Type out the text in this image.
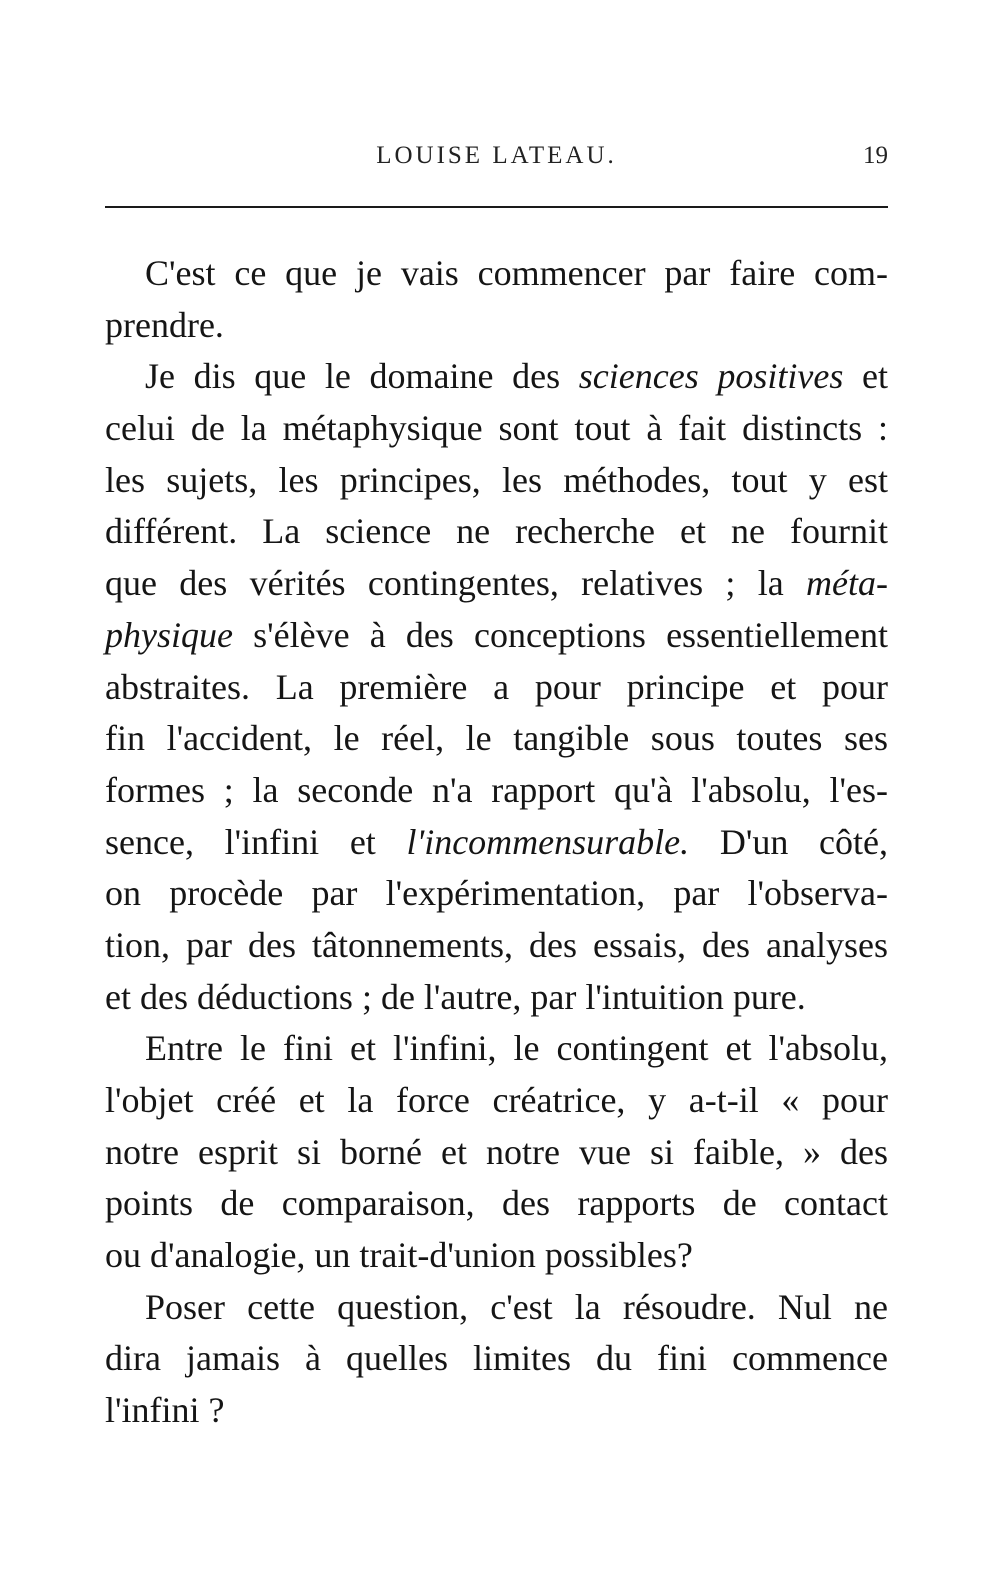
LOUISE LATEAU.	19
C'est ce que je vais commencer par faire com-
prendre.
Je dis que le domaine des sciences positives et
celui de la métaphysique sont tout à fait distincts :
les sujets, les principes, les méthodes, tout y est
différent. La science ne recherche et ne fournit
que des vérités contingentes, relatives ; la méta-
physique s'élève à des conceptions essentiellement
abstraites. La première a pour principe et pour
fin l'accident, le réel, le tangible sous toutes ses
formes ; la seconde n'a rapport qu'à l'absolu, l'es-
sence, l'infini et l'incommensurable. D'un côté,
on procède par l'expérimentation, par l'observa-
tion, par des tâtonnements, des essais, des analyses
et des déductions ; de l'autre, par l'intuition pure.
Entre le fini et l'infini, le contingent et l'absolu,
l'objet créé et la force créatrice, y a-t-il « pour
notre esprit si borné et notre vue si faible, » des
points de comparaison, des rapports de contact
ou d'analogie, un trait-d'union possibles?
Poser cette question, c'est la résoudre. Nul ne
dira jamais à quelles limites du fini commence
l'infini ?
